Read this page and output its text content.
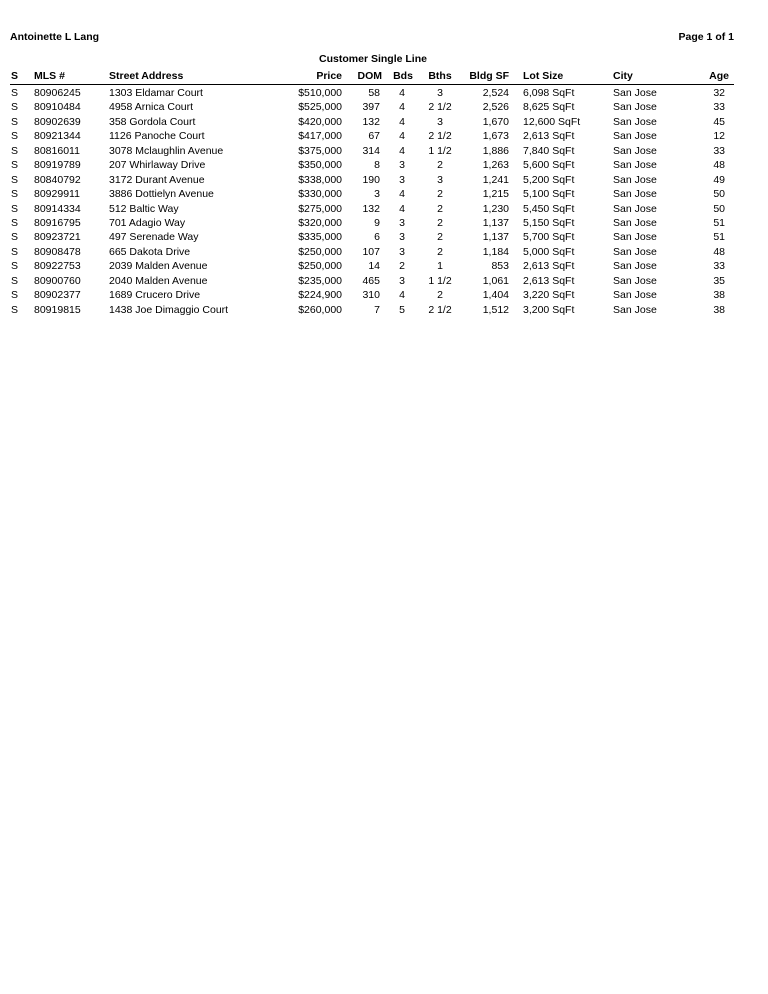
Antoinette L Lang	Page 1 of 1
Customer Single Line
S MLS #	Street Address	Price DOM Bds Bths Bldg SF Lot Size	City	Age
S 80906245	1303 Eldamar Court	$510,000	58 4	3	2,524 6,098 SqFt	San Jose	32
S 80910484	4958 Arnica Court	$525,000 397 4	2 1/2	2,526 8,625 SqFt	San Jose	33
S 80902639	358 Gordola Court	$420,000 132 4	3	1,670 12,600 SqFt	San Jose	45
S 80921344	1126 Panoche Court	$417,000	67 4	2 1/2	1,673 2,613 SqFt	San Jose	12
S 80816011	3078 Mclaughlin Avenue	$375,000 314 4	1 1/2	1,886 7,840 SqFt	San Jose	33
S 80919789	207 Whirlaway Drive	$350,000	8 3	2	1,263 5,600 SqFt	San Jose	48
S 80840792	3172 Durant Avenue	$338,000 190 3	3	1,241 5,200 SqFt	San Jose	49
S 80929911	3886 Dottielyn Avenue	$330,000	3 4	2	1,215 5,100 SqFt	San Jose	50
S 80914334	512 Baltic Way	$275,000 132 4	2	1,230 5,450 SqFt	San Jose	50
S 80916795	701 Adagio Way	$320,000	9 3	2	1,137 5,150 SqFt	San Jose	51
S 80923721	497 Serenade Way	$335,000	6 3	2	1,137 5,700 SqFt	San Jose	51
S 80908478	665 Dakota Drive	$250,000 107 3	2	1,184 5,000 SqFt	San Jose	48
S 80922753	2039 Malden Avenue	$250,000	14 2	1	853 2,613 SqFt	San Jose	33
S 80900760	2040 Malden Avenue	$235,000 465 3	1 1/2	1,061 2,613 SqFt	San Jose	35
S 80902377	1689 Crucero Drive	$224,900 310 4	2	1,404 3,220 SqFt	San Jose	38
S 80919815	1438 Joe Dimaggio Court	$260,000	7 5	2 1/2	1,512 3,200 SqFt	San Jose	38
